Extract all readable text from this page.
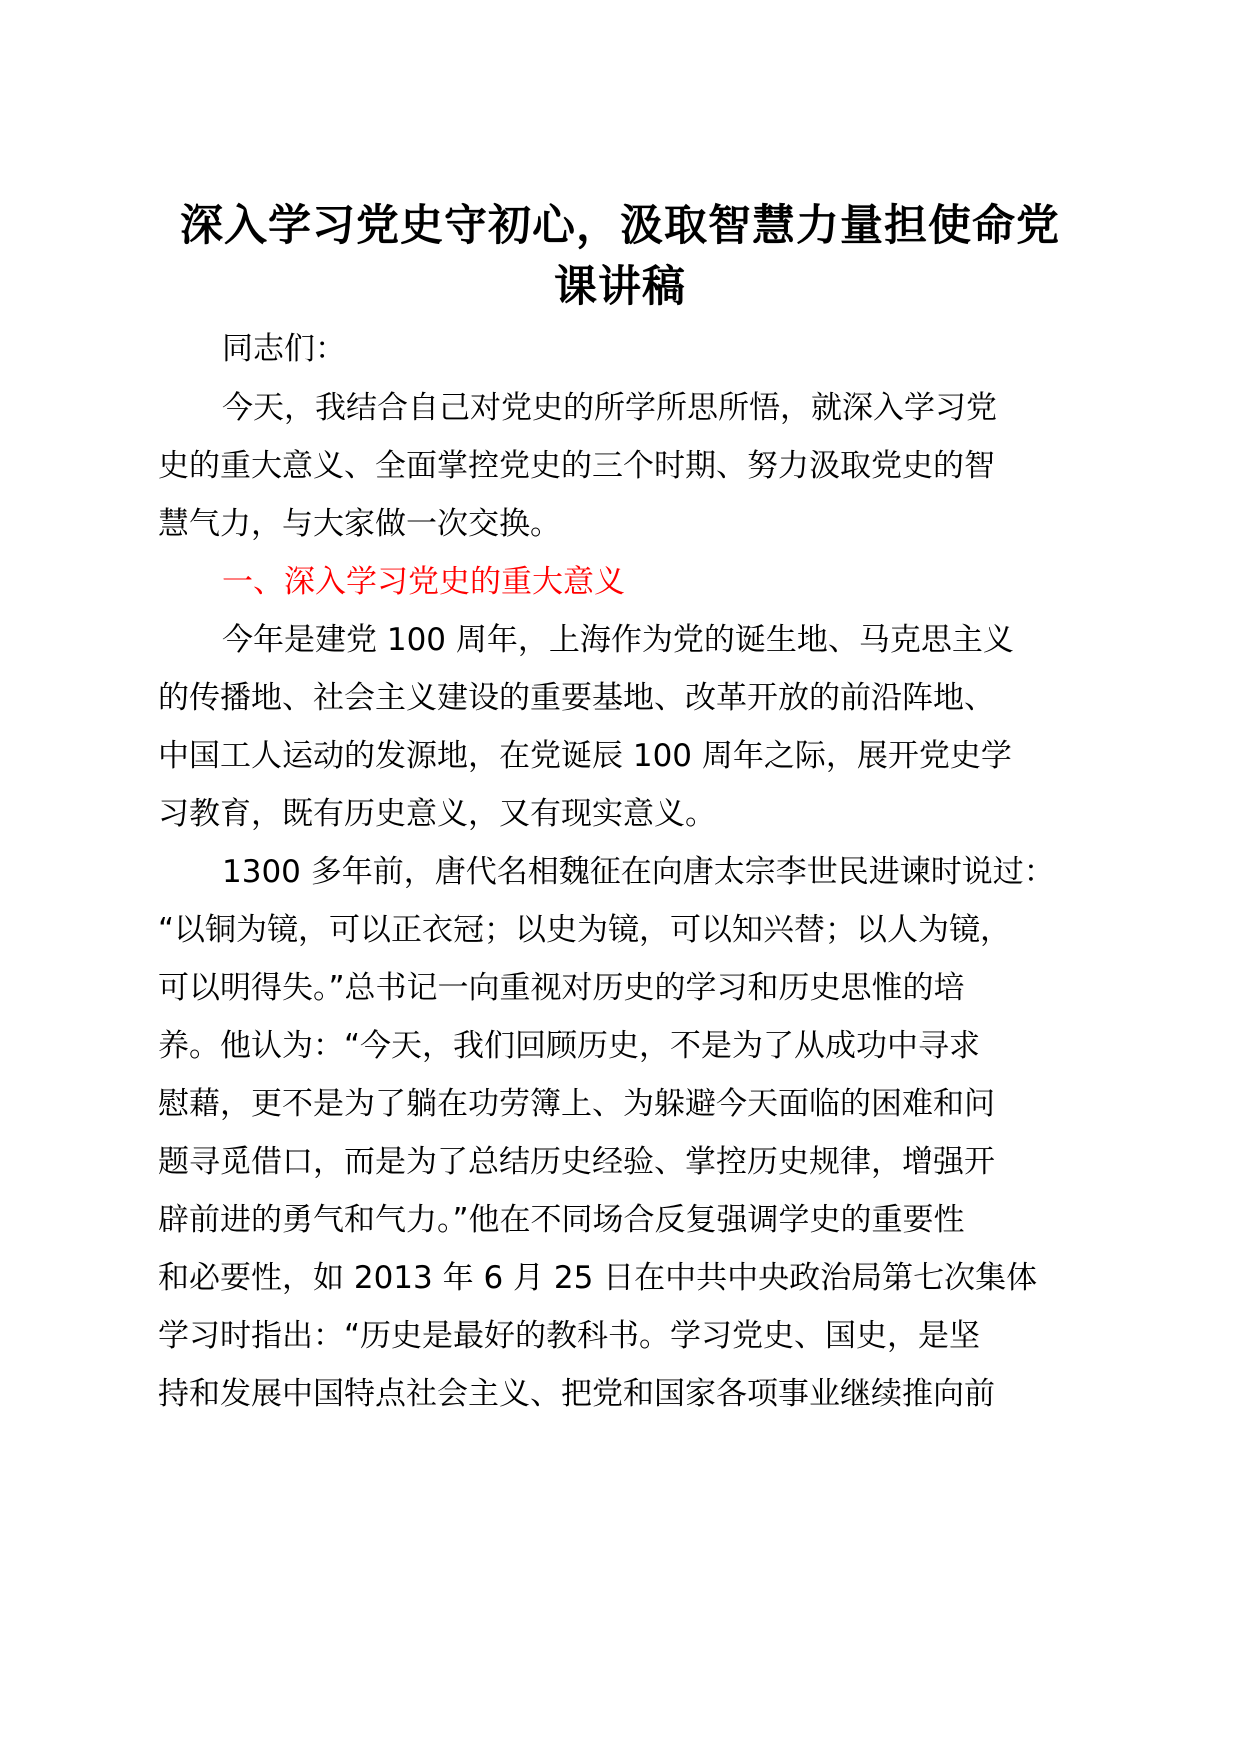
深入学习党史守初心，汲取智慧力量担使命党
课讲稿
同志们：
今天，我结合自己对党史的所学所思所悟，就深入学习党
史的重大意义、全面掌控党史的三个时期、努力汲取党史的智
慧气力，与大家做一次交换。
一、深入学习党史的重大意义
今年是建党 100 周年，上海作为党的诞生地、马克思主义
的传播地、社会主义建设的重要基地、改革开放的前沿阵地、
中国工人运动的发源地，在党诞辰 100 周年之际，展开党史学
习教育，既有历史意义，又有现实意义。
1300 多年前，唐代名相魏征在向唐太宗李世民进谏时说过：
“以铜为镜，可以正衣冠；以史为镜，可以知兴替；以人为镜，
可以明得失。”总书记一向重视对历史的学习和历史思惟的培
养。他认为：“今天，我们回顾历史，不是为了从成功中寻求
慰藉，更不是为了躺在功劳簿上、为躲避今天面临的困难和问
题寻觅借口，而是为了总结历史经验、掌控历史规律，增强开
辟前进的勇气和气力。”他在不同场合反复强调学史的重要性
和必要性，如 2013 年 6 月 25 日在中共中央政治局第七次集体
学习时指出：“历史是最好的教科书。学习党史、国史，是坚
持和发展中国特点社会主义、把党和国家各项事业继续推向前
